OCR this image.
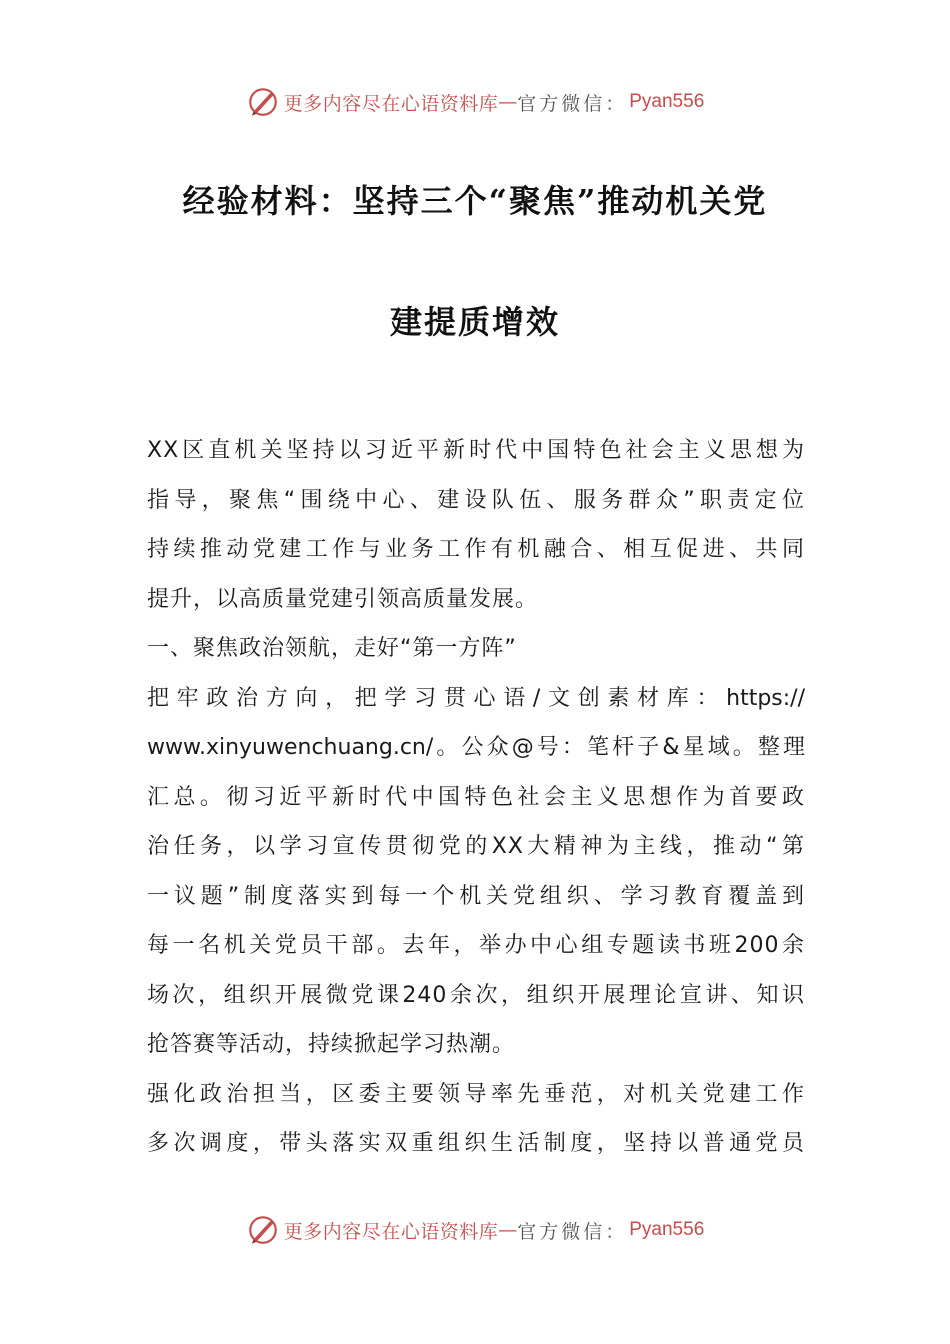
更多内容尽在心语资料库 — 官方微信： Pyan556
经验材料：坚持三个“聚焦”推动机关党
建提质增效
XX区直机关坚持以习近平新时代中国特色社会主义思想为
指导，聚焦“围绕中心、建设队伍、服务群众”职责定位
持续推动党建工作与业务工作有机融合、相互促进、共同
提升，以高质量党建引领高质量发展。
一、聚焦政治领航，走好“第一方阵”
把牢政治方向，把学习贯心语/文创素材库：https://
www.xinyuwenchuang.cn/。公众@号：笔杆子&星域。整理
汇总。彻习近平新时代中国特色社会主义思想作为首要政
治任务，以学习宣传贯彻党的XX大精神为主线，推动“第
一议题”制度落实到每一个机关党组织、学习教育覆盖到
每一名机关党员干部。去年，举办中心组专题读书班200余
场次，组织开展微党课240余次，组织开展理论宣讲、知识
抢答赛等活动，持续掀起学习热潮。
强化政治担当，区委主要领导率先垂范，对机关党建工作
多次调度，带头落实双重组织生活制度，坚持以普通党员
更多内容尽在心语资料库 — 官方微信： Pyan556
